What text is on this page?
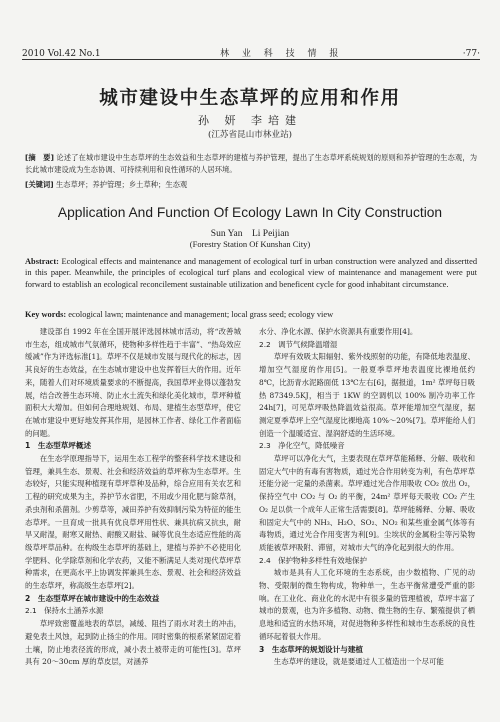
2010 Vol.42 No.1	林 业 科 技 情 报	·77·
城市建设中生态草坪的应用和作用
孙 妍 李培建
(江苏省昆山市林业站)
[摘　要] 论述了在城市建设中生态草坪的生态效益和生态草坪的建植与养护管理，提出了生态草坪系统规划的原则和养护管理的生态观，为长此城市建设成为生态协调、可持续利用和良性循环的人居环境。
[关键词] 生态草坪；养护管理；乡土草种；生态观
Application And Function Of Ecology Lawn In City Construction
Sun Yan　Li Peijian
(Forestry Station Of Kunshan City)
Abstract: Ecological effects and maintenance and management of ecological turf in urban construction were analyzed and dissertted in this paper. Meanwhile, the principles of ecological turf plans and ecological view of maintenance and management were put forward to establish an ecological reconcilement sustainable utilization and beneficent cycle for good inhabitant circumstance.
Key words: ecological lawn; maintenance and management; local grass seed; ecology view

建设部自 1992 年在全国开展评选园林城市活动，将“改善城市生态，组成城市气氛循环，使物种多样性趋于丰富”、“热岛效应缓减”作为评选标准[1]。草坪不仅是城市发展与现代化的标志，因其良好的生态效益，在生态城市建设中也发挥着巨大的作用。近年来，随着人们对环境质量要求的不断提高，我国草坪业得以蓬勃发展，结合改善生态环境、防止水土流失和绿化美化城市，草坪种植面积大大增加。但如何合理地规划、布局、建植生态型草坪，使它在城市建设中更好地发挥其作用，是园林工作者、绿化工作者面临的问题。

1　生态型草坪概述

在生态学原理指导下，运用生态工程学的整套科学技术建设和管理，兼具生态、景观、社会和经济效益的草坪称为生态草坪。生态较好，只能实现种植现有草坪草种及品种，综合应用有关农艺和工程的研究成果为主，养护节水省肥，不用或少用化肥与除草剂，杀虫剂和杀菌剂。少剪草等，减田养护有效抑制污染为特征的能生态草坪。一旦育成一批具有优良草坪用性状、兼具抗病又抗虫，耐旱又耐湿，耐寒又耐热、耐酸又耐盐、碱等优良生态适应性能的高级草坪草品种。在构级生态草坪的基础上，建植与养护不必使用化学肥料、化学除草剂和化学农药，又能不断满足人类对现代草坪草种需求，在更高水平上协调发挥兼具生态、景观、社会和经济效益的生态草坪，称高级生态草坪[2]。

2　生态型草坪在城市建设中的生态效益
2.1　保持水土涵养水源

草坪致密覆盖地表的草层，减缓、阻挡了雨水对表土的冲击，避免表土风蚀，起到防止扬尘的作用。同时密集的根系紧紧固定着土壤，防止地表径流的形成，减小表土被带走的可能性[3]。草坪具有 20～30cm 厚的草皮层，对涵养

水分、净化水源、保护水资源具有重要作用[4]。

2.2　调节气候降温增湿

草坪有效吸太阳辐射、紫外线照射的功能，有降低地表温度、增加空气湿度的作用[5]。一般夏季草坪地表温度比裸地低约 8℃，比沥青水泥路面低 13℃左右[6]，据报道，1m² 草坪每日吸热 87349.5KJ，相当于 1KW 的空调机以 100% 制冷功率工作 24h[7]，可见草坪吸热降温效益很高。草坪能增加空气湿度，据测定夏季草坪上空气湿度比裸地高 10%～20%[7]。草坪能给人们创造一个温暖适宜、湿润舒适的生活环境。

2.3　净化空气，降低噪音

草坪可以净化大气，主要表现在草坪草能稀释、分解、吸收和固定大气中的有毒有害物质，通过光合作用转变为利，有色草坪草还能分泌一定量的杀菌素。草坪通过光合作用吸收 CO₂ 放出 O₂，保持空气中 CO₂ 与 O₂ 的平衡，24m² 草坪每天吸收 CO₂ 产生 O₂ 足以供一个成年人正常生活需要[8]。草坪能稀释、分解、吸收和固定大气中的 NH₃、H₂O、SO₂、NO₂ 和某些重金属气体等有毒物质，通过光合作用变害为利[9]。尘埃状的金属粉尘等污染物质能被草坪吸附、滞留，对城市大气的净化起到很大的作用。

2.4　保护物种多样性有效地保护

城市是具有人工化环境的生态系统，由少数植物、广见的动物、受限制的微生物构成，物种单一，生态平衡常遭受严重的影响。在工业化、商业化的水泥中有很多量的管理植被，草坪丰富了城市的景观，也为许多植物、动物、微生物的生存、繁殖提供了栖息地和适宜的水热环境，对促进物种多样性和城市生态系统的良性循环起着很大作用。

3　生态草坪的规划设计与建植

生态草坪的建设，就是要通过人工植造出一个尽可能
